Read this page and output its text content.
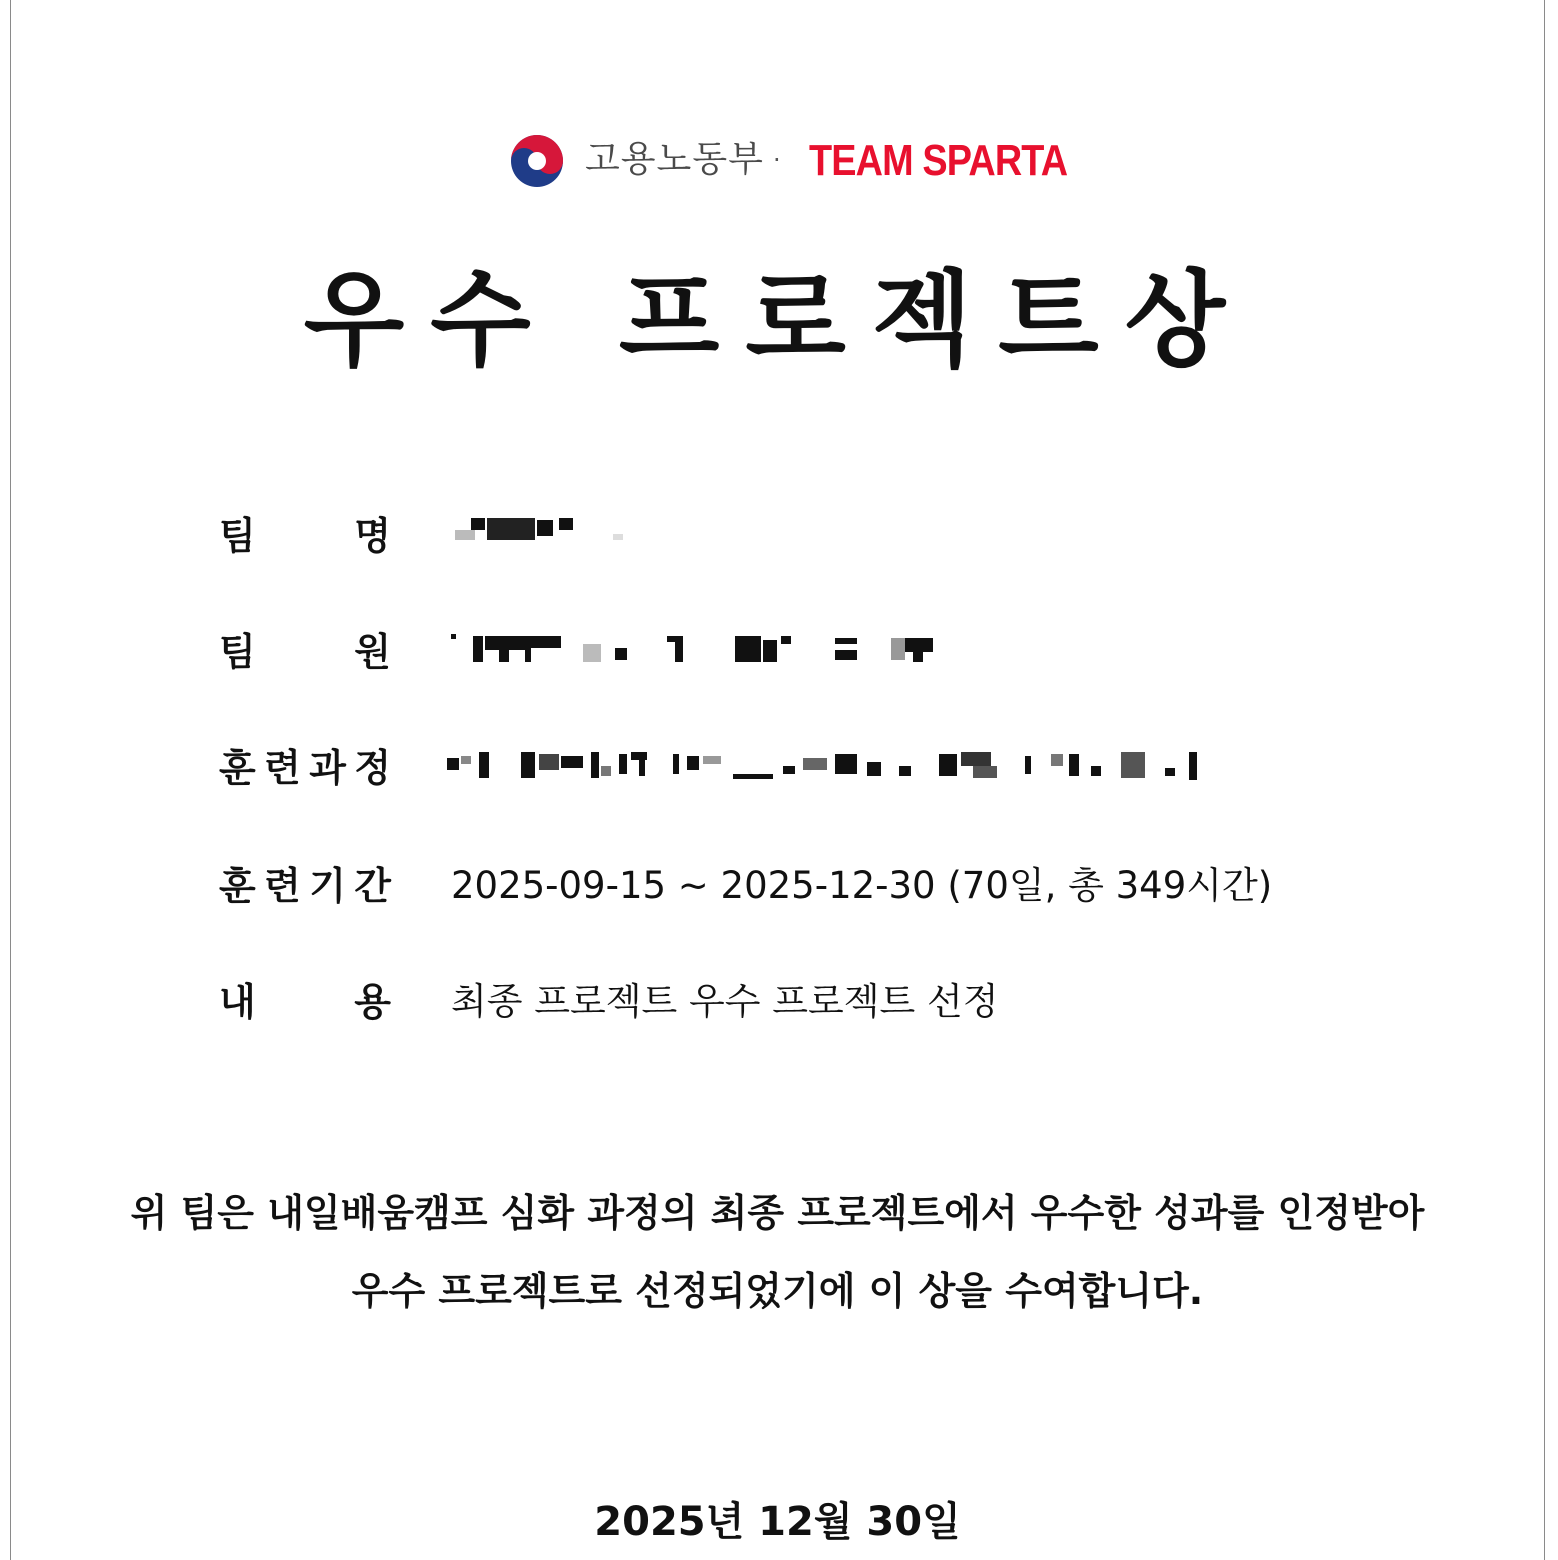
고용노동부 · TEAM SPARTA
우수 프로젝트상
팀	명
팀	원
훈 련 과 정
훈 련 기 간 2025-09-15 ~ 2025-12-30 (70일, 총 349시간)
내	용 최종 프로젝트 우수 프로젝트 선정
위 팀은 내일배움캠프 심화 과정의 최종 프로젝트에서 우수한 성과를 인정받아
우수 프로젝트로 선정되었기에 이 상을 수여합니다.
2025년 12월 30일
